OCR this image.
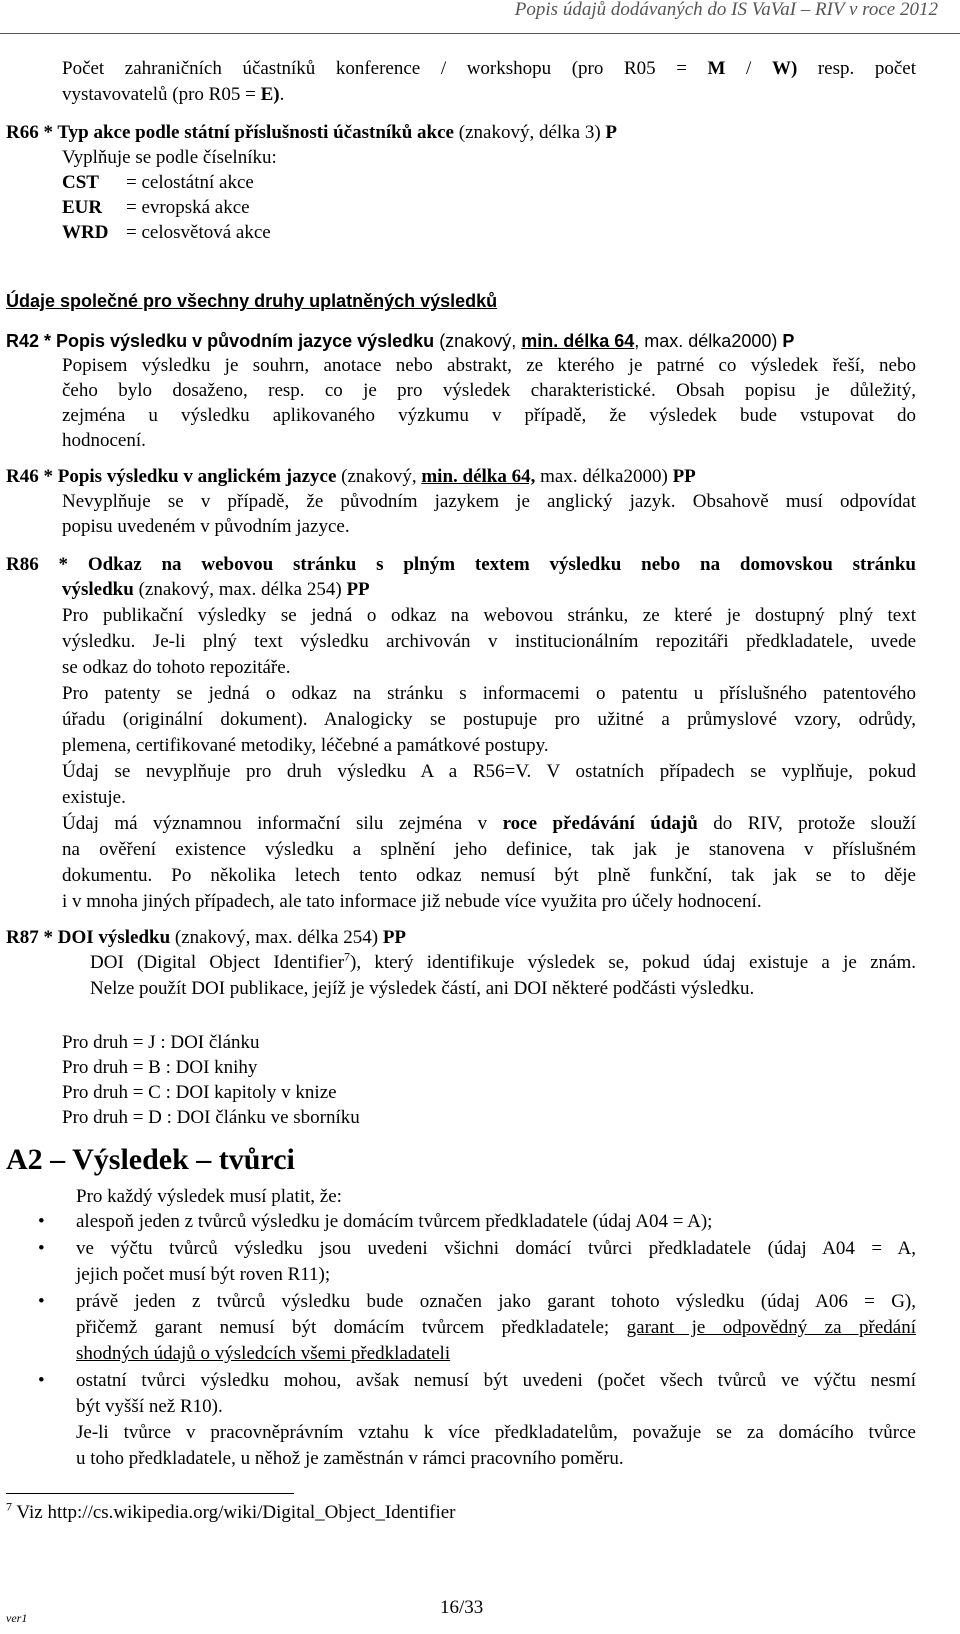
Popis údajů dodávaných do IS VaVaI – RIV v roce 2012
Počet zahraničních účastníků konference / workshopu (pro R05 = M / W) resp. počet
vystavovatelů (pro R05 = E).
R66 * Typ akce podle státní příslušnosti účastníků akce (znakový, délka 3) P
Vyplňuje se podle číselníku:
CST = celostátní akce
EUR = evropská akce
WRD = celosvětová akce
Údaje společné pro všechny druhy uplatněných výsledků
R42 * Popis výsledku v původním jazyce výsledku (znakový, min. délka 64, max. délka2000) P
Popisem výsledku je souhrn, anotace nebo abstrakt, ze kterého je patrné co výsledek řeší, nebo
čeho bylo dosaženo, resp. co je pro výsledek charakteristické. Obsah popisu je důležitý,
zejména u výsledku aplikovaného výzkumu v případě, že výsledek bude vstupovat do
hodnocení.
R46 * Popis výsledku v anglickém jazyce (znakový, min. délka 64, max. délka2000) PP
Nevyplňuje se v případě, že původním jazykem je anglický jazyk. Obsahově musí odpovídat
popisu uvedeném v původním jazyce.
R86 * Odkaz na webovou stránku s plným textem výsledku nebo na domovskou stránku
výsledku (znakový, max. délka 254) PP
Pro publikační výsledky se jedná o odkaz na webovou stránku, ze které je dostupný plný text
výsledku. Je-li plný text výsledku archivován v institucionálním repozitáři předkladatele, uvede
se odkaz do tohoto repozitáře.
Pro patenty se jedná o odkaz na stránku s informacemi o patentu u příslušného patentového
úřadu (originální dokument). Analogicky se postupuje pro užitné a průmyslové vzory, odrůdy,
plemena, certifikované metodiky, léčebné a památkové postupy.
Údaj se nevyplňuje pro druh výsledku A a R56=V. V ostatních případech se vyplňuje, pokud
existuje.
Údaj má významnou informační silu zejména v roce předávání údajů do RIV, protože slouží
na ověření existence výsledku a splnění jeho definice, tak jak je stanovena v příslušném
dokumentu. Po několika letech tento odkaz nemusí být plně funkční, tak jak se to děje
i v mnoha jiných případech, ale tato informace již nebude více využita pro účely hodnocení.
R87 * DOI výsledku (znakový, max. délka 254) PP
DOI (Digital Object Identifier$^7$), který identifikuje výsledek se, pokud údaj existuje a je znám.
Nelze použít DOI publikace, jejíž je výsledek částí, ani DOI některé podčásti výsledku.
Pro druh = J : DOI článku
Pro druh = B : DOI knihy
Pro druh = C : DOI kapitoly v knize
Pro druh = D : DOI článku ve sborníku
A2 – Výsledek – tvůrci
Pro každý výsledek musí platit, že:
• alespoň jeden z tvůrců výsledku je domácím tvůrcem předkladatele (údaj A04 = A);
• ve výčtu tvůrců výsledku jsou uvedeni všichni domácí tvůrci předkladatele (údaj A04 = A,
jejich počet musí být roven R11);
• právě jeden z tvůrců výsledku bude označen jako garant tohoto výsledku (údaj A06 = G),
přičemž garant nemusí být domácím tvůrcem předkladatele; garant je odpovědný za předání
shodných údajů o výsledcích všemi předkladateli
• ostatní tvůrci výsledku mohou, avšak nemusí být uvedeni (počet všech tvůrců ve výčtu nesmí
být vyšší než R10).
Je-li tvůrce v pracovněprávním vztahu k více předkladatelům, považuje se za domácího tvůrce
u toho předkladatele, u něhož je zaměstnán v rámci pracovního poměru.
$^7$ Viz http://cs.wikipedia.org/wiki/Digital_Object_Identifier
ver1	16/33
